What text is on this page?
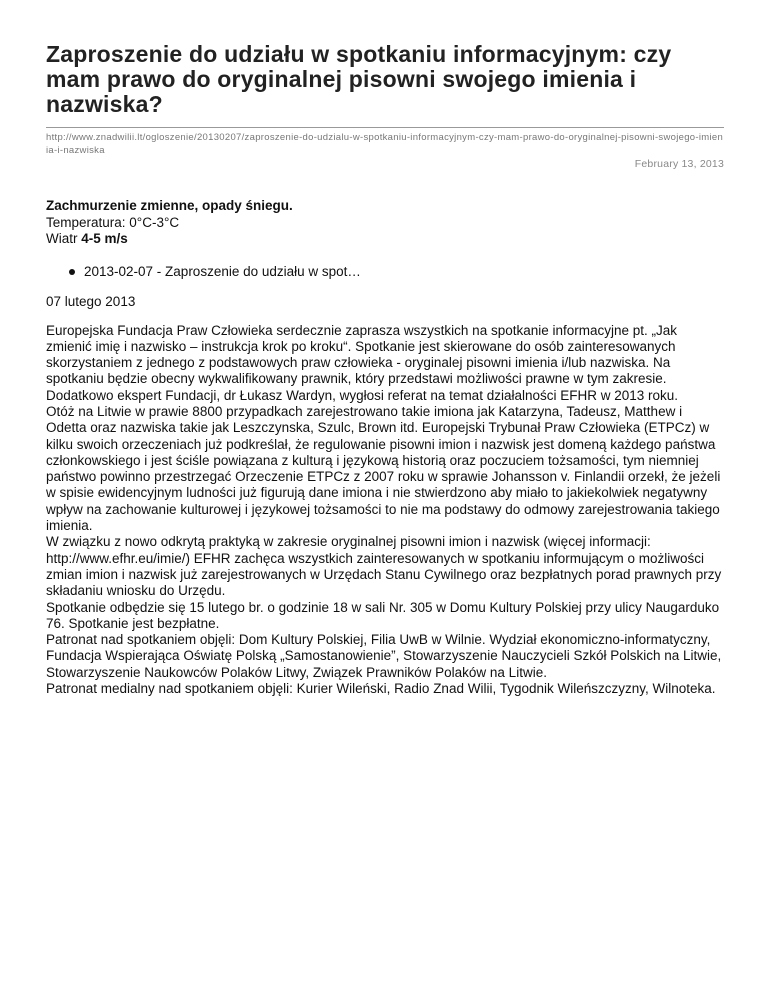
Zaproszenie do udziału w spotkaniu informacyjnym: czy mam prawo do oryginalnej pisowni swojego imienia i nazwiska?
http://www.znadwilii.lt/ogloszenie/20130207/zaproszenie-do-udzialu-w-spotkaniu-informacyjnym-czy-mam-prawo-do-oryginalnej-pisowni-swojego-imienia-i-nazwiska
February 13, 2013
Zachmurzenie zmienne, opady śniegu.
Temperatura: 0°C-3°C
Wiatr 4-5 m/s
2013-02-07 - Zaproszenie do udziału w spot…
07 lutego 2013

Europejska Fundacja Praw Człowieka serdecznie zaprasza wszystkich na spotkanie informacyjne pt. „Jak zmienić imię i nazwisko – instrukcja krok po kroku“. Spotkanie jest skierowane do osób zainteresowanych skorzystaniem z jednego z podstawowych praw człowieka - oryginalej pisowni imienia i/lub nazwiska. Na spotkaniu będzie obecny wykwalifikowany prawnik, który przedstawi możliwości prawne w tym zakresie. Dodatkowo ekspert Fundacji, dr Łukasz Wardyn, wygłosi referat na temat działalności EFHR w 2013 roku.

Otóż na Litwie w prawie 8800 przypadkach zarejestrowano takie imiona jak Katarzyna, Tadeusz, Matthew i Odetta oraz nazwiska takie jak Leszczynska, Szulc, Brown itd. Europejski Trybunał Praw Człowieka (ETPCz) w kilku swoich orzeczeniach już podkreślał, że regulowanie pisowni imion i nazwisk jest domeną każdego państwa członkowskiego i jest ściśle powiązana z kulturą i językową historią oraz poczuciem tożsamości, tym niemniej państwo powinno przestrzegać Orzeczenie ETPCz z 2007 roku w sprawie Johansson v. Finlandii orzekł, że jeżeli w spisie ewidencyjnym ludności już figurują dane imiona i nie stwierdzono aby miało to jakiekolwiek negatywny wpływ na zachowanie kulturowej i językowej tożsamości to nie ma podstawy do odmowy zarejestrowania takiego imienia.

W związku z nowo odkrytą praktyką w zakresie oryginalnej pisowni imion i nazwisk (więcej informacji: http://www.efhr.eu/imie/) EFHR zachęca wszystkich zainteresowanych w spotkaniu informującym o możliwości zmian imion i nazwisk już zarejestrowanych w Urzędach Stanu Cywilnego oraz bezpłatnych porad prawnych przy składaniu wniosku do Urzędu.

Spotkanie odbędzie się 15 lutego br. o godzinie 18 w sali Nr. 305 w Domu Kultury Polskiej przy ulicy Naugarduko 76. Spotkanie jest bezpłatne.

Patronat nad spotkaniem objęli: Dom Kultury Polskiej, Filia UwB w Wilnie. Wydział ekonomiczno-informatyczny, Fundacja Wspierająca Oświatę Polską „Samostanowienie”, Stowarzyszenie Nauczycieli Szkół Polskich na Litwie, Stowarzyszenie Naukowców Polaków Litwy, Związek Prawników Polaków na Litwie.

Patronat medialny nad spotkaniem objęli: Kurier Wileński, Radio Znad Wilii, Tygodnik Wileńszczyzny, Wilnoteka.
